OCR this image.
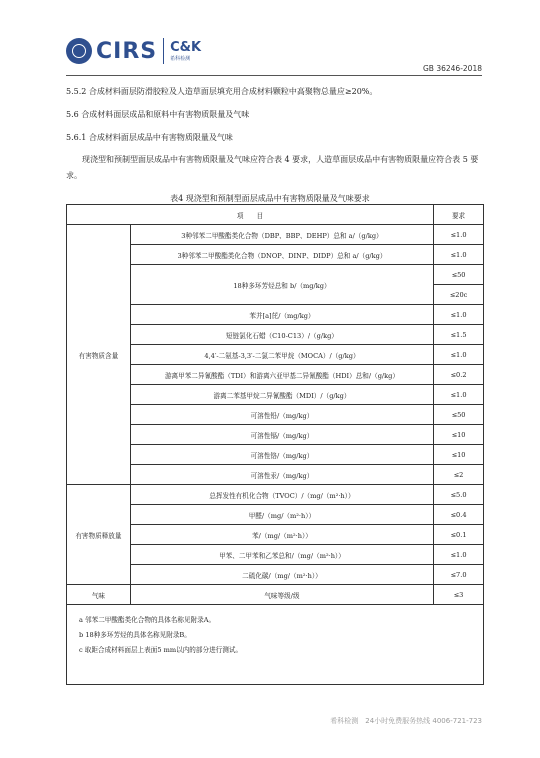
CIRS C&K
希科检测
GB 36246-2018
5.5.2 合成材料面层防滑胶粒及人造草面层填充用合成材料颗粒中高聚物总量应≥20%。
5.6 合成材料面层成品和原料中有害物质限量及气味
5.6.1 合成材料面层成品中有害物质限量及气味
现浇型和预制型面层成品中有害物质限量及气味应符合表 4 要求，人造草面层成品中有害物质限量应符合表 5 要求。
表4 现浇型和预制型面层成品中有害物质限量及气味要求
项　　目		要求
有害物质含量	3种邻苯二甲酸酯类化合物（DBP、BBP、DEHP）总和 a/（g/kg）	≤1.0
	3种邻苯二甲酸酯类化合物（DNOP、DINP、DIDP）总和 a/（g/kg）	≤1.0
	18种多环芳烃总和 b/（mg/kg）	≤50
		≤20c
	苯并[a]芘/（mg/kg）	≤1.0
	短链氯化石蜡（C10-C13）/（g/kg）	≤1.5
	4,4′-二氨基-3,3′-二氯二苯甲烷（MOCA）/（g/kg）	≤1.0
	游离甲苯二异氰酸酯（TDI）和游离六亚甲基二异氰酸酯（HDI）总和/（g/kg）	≤0.2
	游离二苯基甲烷二异氰酸酯（MDI）/（g/kg）	≤1.0
	可溶性铅/（mg/kg）	≤50
	可溶性镉/（mg/kg）	≤10
	可溶性铬/（mg/kg）	≤10
	可溶性汞/（mg/kg）	≤2
有害物质释放量	总挥发性有机化合物（TVOC）/（mg/（m²·h））	≤5.0
	甲醛/（mg/（m²·h））	≤0.4
	苯/（mg/（m²·h））	≤0.1
	甲苯、二甲苯和乙苯总和/（mg/（m²·h））	≤1.0
	二硫化碳/（mg/（m²·h））	≤7.0
气味	气味等级/级	≤3

a 邻苯二甲酸酯类化合物的具体名称见附录A。
b 18种多环芳烃的具体名称见附录B。
c 取距合成材料面层上表面5 mm以内的部分进行测试。		
希科检测　24小时免费服务热线 4006-721-723
